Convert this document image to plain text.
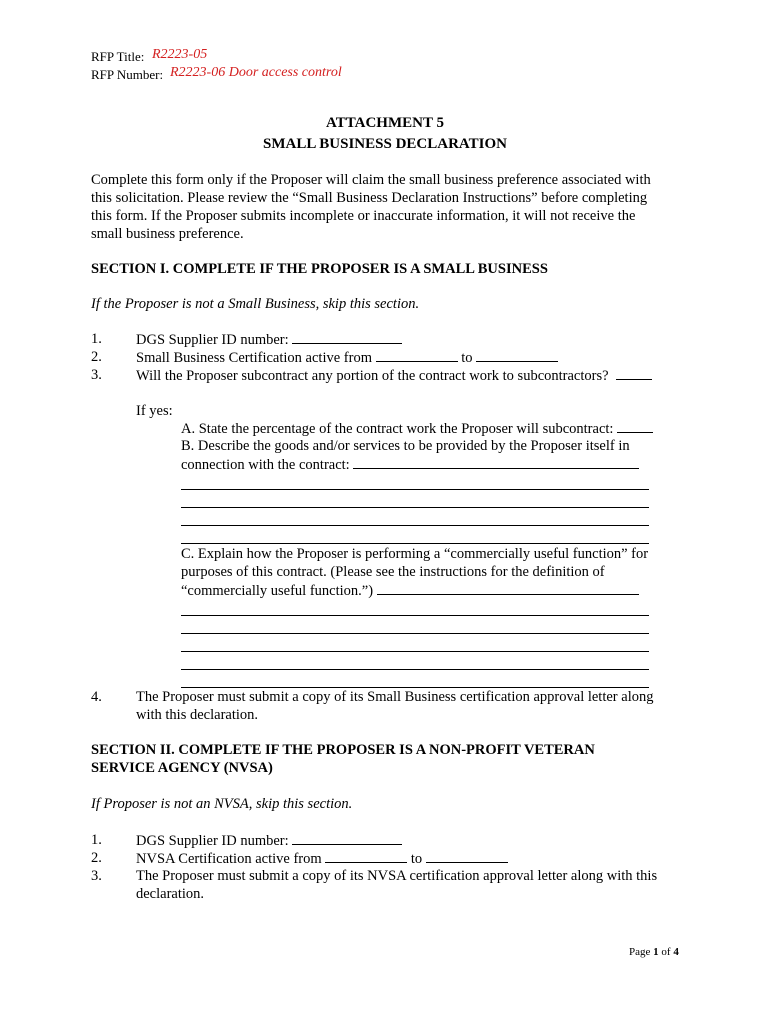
RFP Title: R2223-05
RFP Number: R2223-06 Door access control
ATTACHMENT 5
SMALL BUSINESS DECLARATION
Complete this form only if the Proposer will claim the small business preference associated with
this solicitation. Please review the “Small Business Declaration Instructions” before completing
this form. If the Proposer submits incomplete or inaccurate information, it will not receive the
small business preference.
SECTION I. COMPLETE IF THE PROPOSER IS A SMALL BUSINESS
If the Proposer is not a Small Business, skip this section.
1. DGS Supplier ID number:
2. Small Business Certification active from	to
3. Will the Proposer subcontract any portion of the contract work to subcontractors?
If yes:
A. State the percentage of the contract work the Proposer will subcontract:
B. Describe the goods and/or services to be provided by the Proposer itself in
connection with the contract:
C. Explain how the Proposer is performing a “commercially useful function” for
purposes of this contract. (Please see the instructions for the definition of
“commercially useful function.”)
4. The Proposer must submit a copy of its Small Business certification approval letter along
with this declaration.
SECTION II. COMPLETE IF THE PROPOSER IS A NON-PROFIT VETERAN
SERVICE AGENCY (NVSA)
If Proposer is not an NVSA, skip this section.
1. DGS Supplier ID number:
2. NVSA Certification active from	to
3. The Proposer must submit a copy of its NVSA certification approval letter along with this
declaration.
Page 1 of 4
